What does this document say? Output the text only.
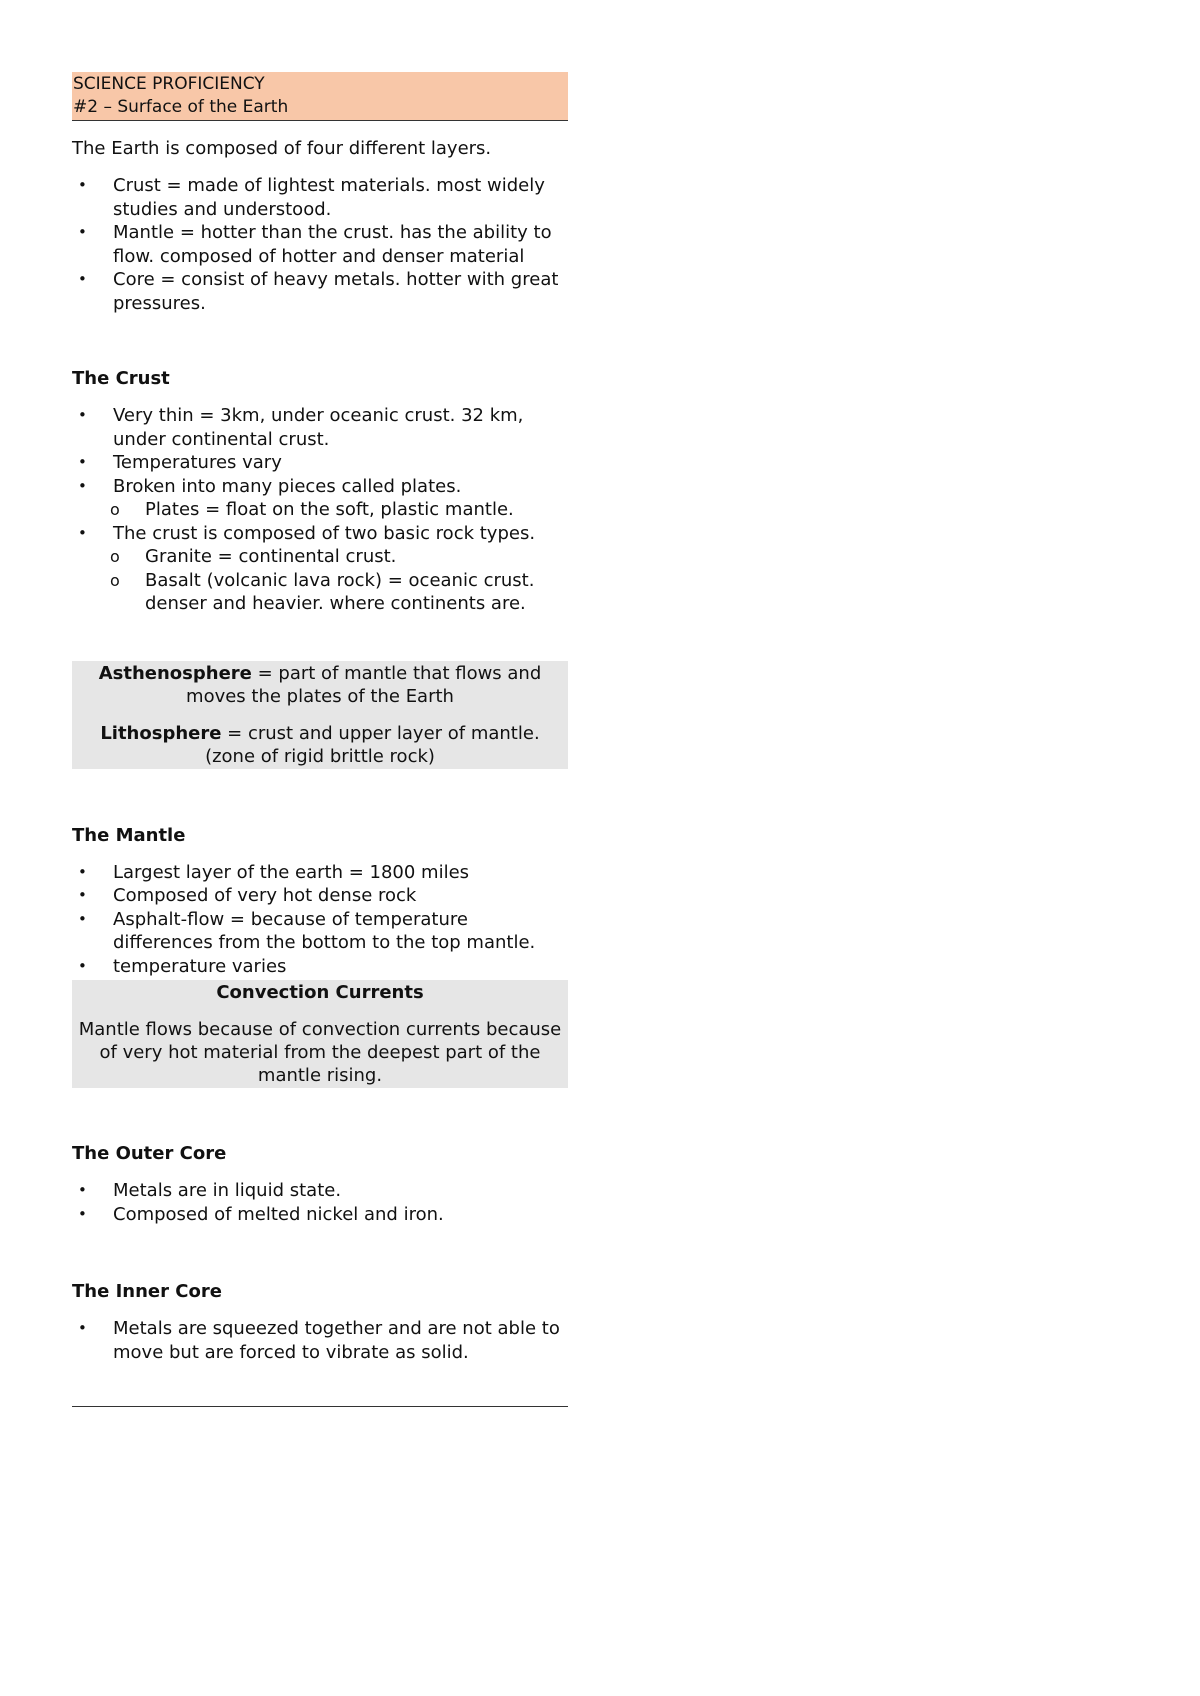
SCIENCE PROFICIENCY
#2 – Surface of the Earth

The Earth is composed of four different layers.

• Crust = made of lightest materials. most widely studies and understood.
• Mantle = hotter than the crust. has the ability to flow. composed of hotter and denser material
• Core = consist of heavy metals. hotter with great pressures.
The Crust
• Very thin = 3km, under oceanic crust. 32 km, under continental crust.
• Temperatures vary
• Broken into many pieces called plates.
o Plates = float on the soft, plastic mantle.
• The crust is composed of two basic rock types.
o Granite = continental crust.
o Basalt (volcanic lava rock) = oceanic crust. denser and heavier. where continents are.

Asthenosphere = part of mantle that flows and moves the plates of the Earth

Lithosphere = crust and upper layer of mantle. (zone of rigid brittle rock)

The Mantle
• Largest layer of the earth = 1800 miles
• Composed of very hot dense rock
• Asphalt-flow = because of temperature differences from the bottom to the top mantle.
• temperature varies

Convection Currents

Mantle flows because of convection currents because of very hot material from the deepest part of the mantle rising.

The Outer Core
• Metals are in liquid state.
• Composed of melted nickel and iron.
The Inner Core
• Metals are squeezed together and are not able to move but are forced to vibrate as solid.
